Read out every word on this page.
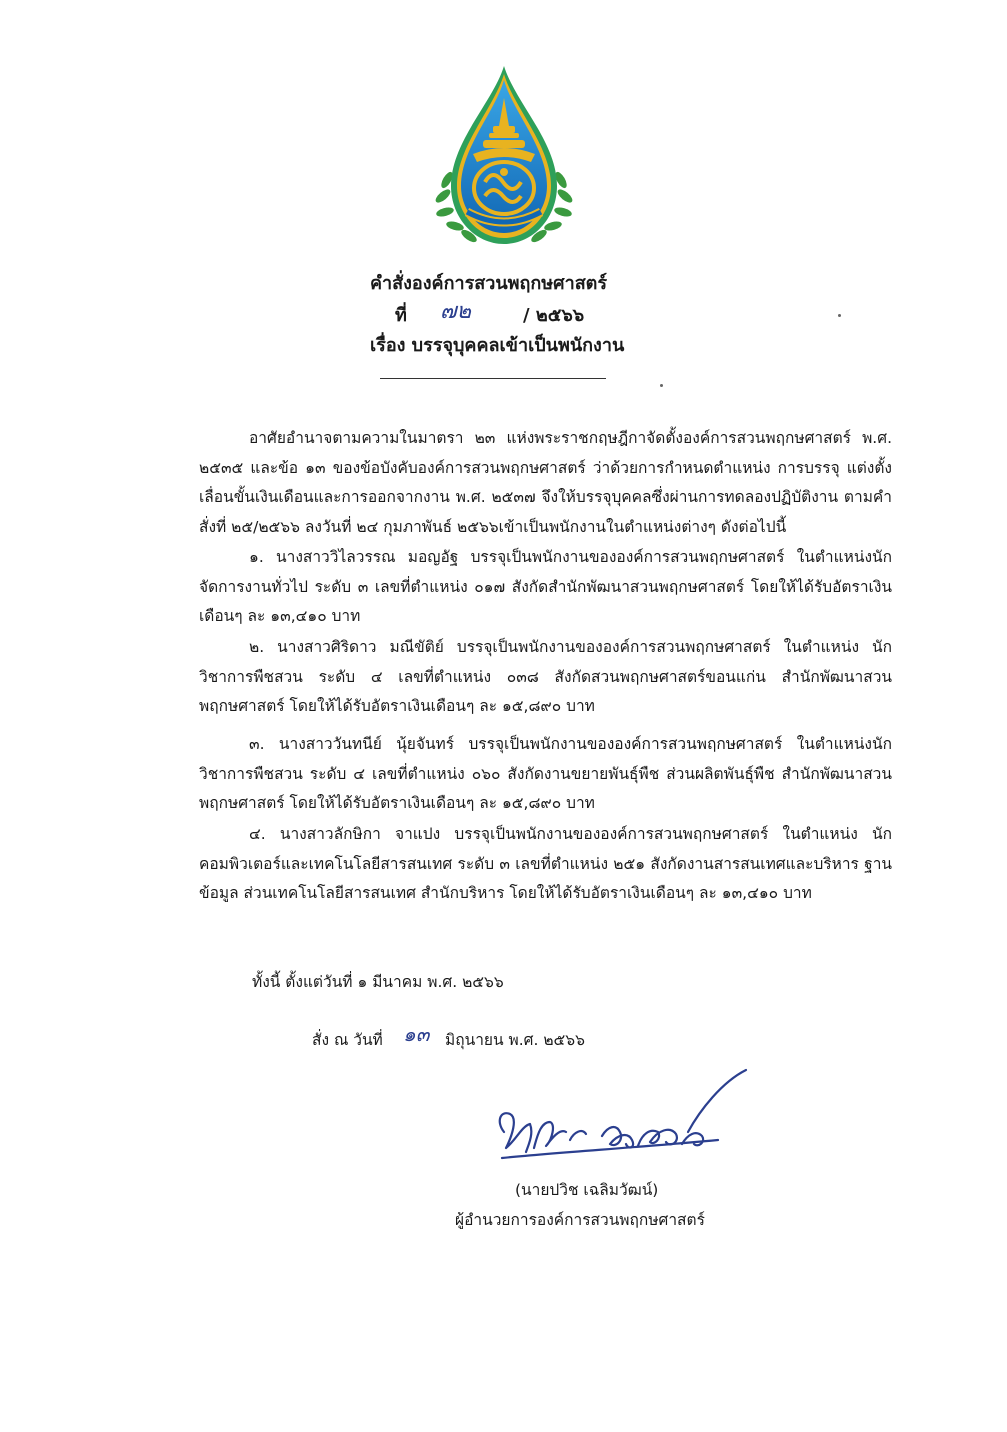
คำสั่งองค์การสวนพฤกษศาสตร์
ที่ ๗๒	/ ๒๕๖๖
เรื่อง บรรจุบุคคลเข้าเป็นพนักงาน
อาศัยอำนาจตามความในมาตรา ๒๓ แห่งพระราชกฤษฎีกาจัดตั้งองค์การสวนพฤกษศาสตร์ พ.ศ. ๒๕๓๕ และข้อ ๑๓ ของข้อบังคับองค์การสวนพฤกษศาสตร์ ว่าด้วยการกำหนดตำแหน่ง การบรรจุ แต่งตั้ง เลื่อนขั้นเงินเดือนและการออกจากงาน พ.ศ. ๒๕๓๗ จึงให้บรรจุบุคคลซึ่งผ่านการทดลองปฏิบัติงาน ตามคำสั่งที่ ๒๕/๒๕๖๖ ลงวันที่ ๒๔ กุมภาพันธ์ ๒๕๖๖เข้าเป็นพนักงานในตำแหน่งต่างๆ ดังต่อไปนี้
๑. นางสาววิไลวรรณ มอญอัฐ บรรจุเป็นพนักงานขององค์การสวนพฤกษศาสตร์ ในตำแหน่งนักจัดการงานทั่วไป ระดับ ๓ เลขที่ตำแหน่ง ๐๑๗ สังกัดสำนักพัฒนาสวนพฤกษศาสตร์ โดยให้ได้รับอัตราเงินเดือนๆ ละ ๑๓,๔๑๐ บาท
๒. นางสาวศิริดาว มณีขัติย์ บรรจุเป็นพนักงานขององค์การสวนพฤกษศาสตร์ ในตำแหน่ง นักวิชาการพืชสวน ระดับ ๔ เลขที่ตำแหน่ง ๐๓๘ สังกัดสวนพฤกษศาสตร์ขอนแก่น สำนักพัฒนาสวน พฤกษศาสตร์ โดยให้ได้รับอัตราเงินเดือนๆ ละ ๑๕,๘๙๐ บาท
๓. นางสาววันทนีย์ นุ้ยจันทร์ บรรจุเป็นพนักงานขององค์การสวนพฤกษศาสตร์ ในตำแหน่งนักวิชาการพืชสวน ระดับ ๔ เลขที่ตำแหน่ง ๐๖๐ สังกัดงานขยายพันธุ์พืช ส่วนผลิตพันธุ์พืช สำนักพัฒนาสวนพฤกษศาสตร์ โดยให้ได้รับอัตราเงินเดือนๆ ละ ๑๕,๘๙๐ บาท
๔. นางสาวลักษิกา จาแปง บรรจุเป็นพนักงานขององค์การสวนพฤกษศาสตร์ ในตำแหน่ง นักคอมพิวเตอร์และเทคโนโลยีสารสนเทศ ระดับ ๓ เลขที่ตำแหน่ง ๒๕๑ สังกัดงานสารสนเทศและบริหาร ฐานข้อมูล ส่วนเทคโนโลยีสารสนเทศ สำนักบริหาร โดยให้ได้รับอัตราเงินเดือนๆ ละ ๑๓,๔๑๐ บาท
ทั้งนี้ ตั้งแต่วันที่ ๑ มีนาคม พ.ศ. ๒๕๖๖
สั่ง ณ วันที่ ๑๓ มิถุนายน พ.ศ. ๒๕๖๖
(นายปวิช เฉลิมวัฒน์)
ผู้อำนวยการองค์การสวนพฤกษศาสตร์
